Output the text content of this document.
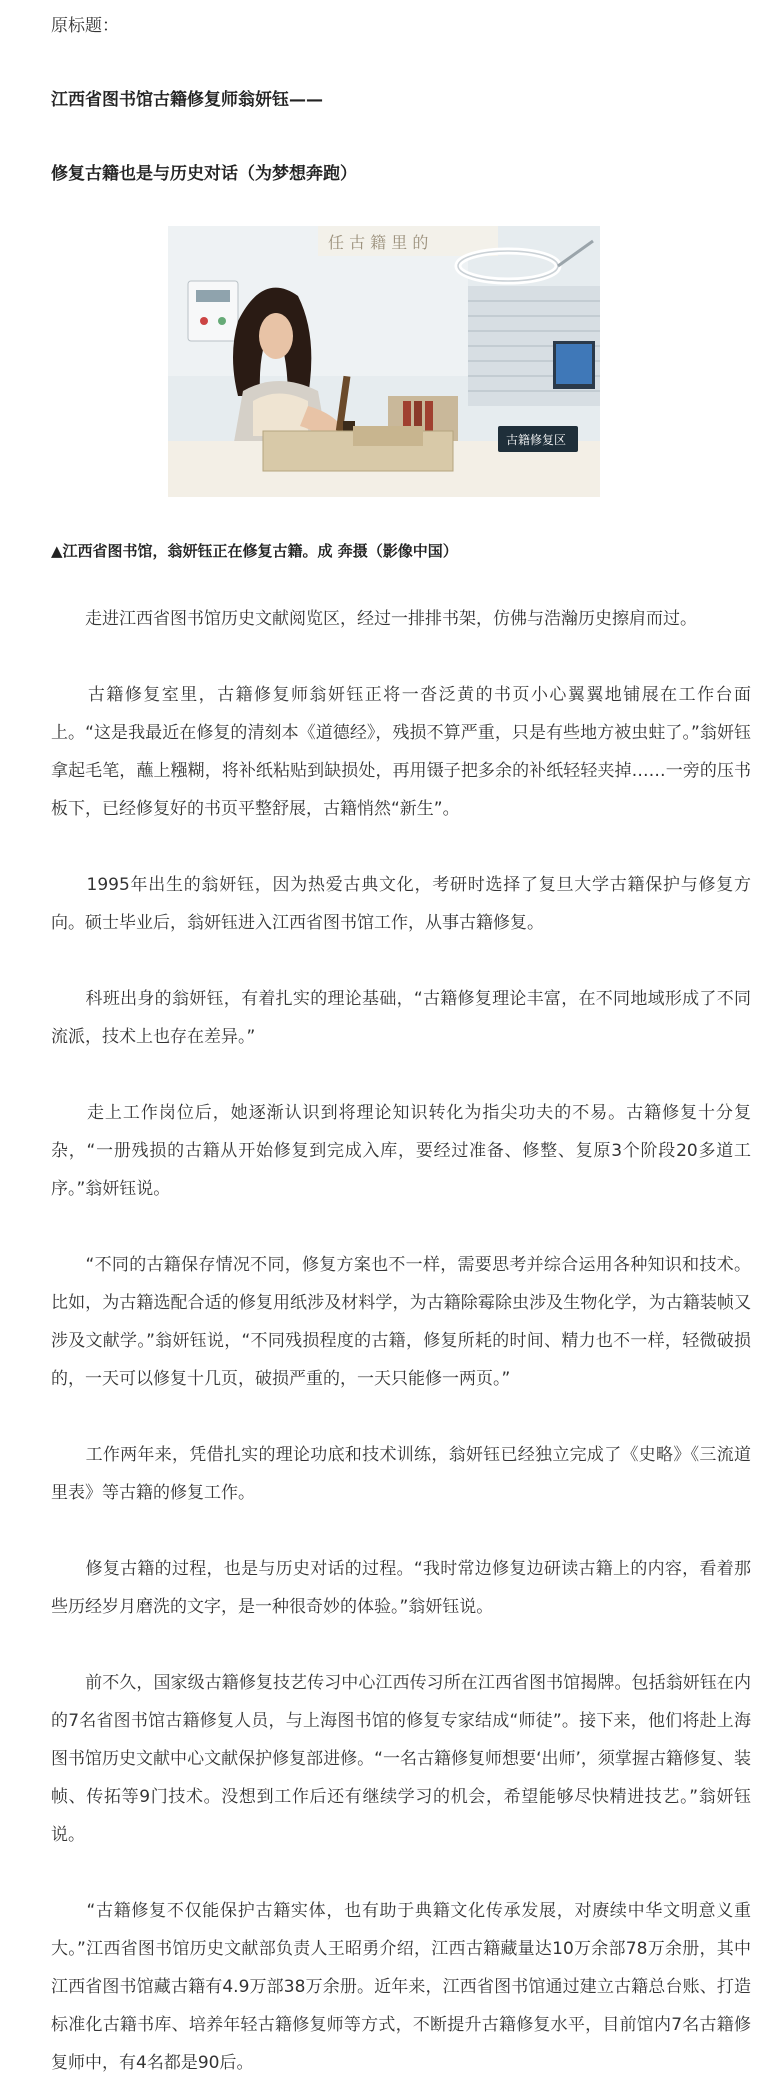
原标题：
江西省图书馆古籍修复师翁妍钰——
修复古籍也是与历史对话（为梦想奔跑）
任 古 籍 里 的
古籍修复区
▲江西省图书馆，翁妍钰正在修复古籍。成 奔摄（影像中国）

　　走进江西省图书馆历史文献阅览区，经过一排排书架，仿佛与浩瀚历史擦肩而过。

　　古籍修复室里，古籍修复师翁妍钰正将一沓泛黄的书页小心翼翼地铺展在工作台面上。“这是我最近在修复的清刻本《道德经》，残损不算严重，只是有些地方被虫蛀了。”翁妍钰拿起毛笔，蘸上糨糊，将补纸粘贴到缺损处，再用镊子把多余的补纸轻轻夹掉……一旁的压书板下，已经修复好的书页平整舒展，古籍悄然“新生”。

　　1995年出生的翁妍钰，因为热爱古典文化，考研时选择了复旦大学古籍保护与修复方向。硕士毕业后，翁妍钰进入江西省图书馆工作，从事古籍修复。

　　科班出身的翁妍钰，有着扎实的理论基础，“古籍修复理论丰富，在不同地域形成了不同流派，技术上也存在差异。”

　　走上工作岗位后，她逐渐认识到将理论知识转化为指尖功夫的不易。古籍修复十分复杂，“一册残损的古籍从开始修复到完成入库，要经过准备、修整、复原3个阶段20多道工序。”翁妍钰说。

　　“不同的古籍保存情况不同，修复方案也不一样，需要思考并综合运用各种知识和技术。比如，为古籍选配合适的修复用纸涉及材料学，为古籍除霉除虫涉及生物化学，为古籍装帧又涉及文献学。”翁妍钰说，“不同残损程度的古籍，修复所耗的时间、精力也不一样，轻微破损的，一天可以修复十几页，破损严重的，一天只能修一两页。”

　　工作两年来，凭借扎实的理论功底和技术训练，翁妍钰已经独立完成了《史略》《三流道里表》等古籍的修复工作。

　　修复古籍的过程，也是与历史对话的过程。“我时常边修复边研读古籍上的内容，看着那些历经岁月磨洗的文字，是一种很奇妙的体验。”翁妍钰说。

　　前不久，国家级古籍修复技艺传习中心江西传习所在江西省图书馆揭牌。包括翁妍钰在内的7名省图书馆古籍修复人员，与上海图书馆的修复专家结成“师徒”。接下来，他们将赴上海图书馆历史文献中心文献保护修复部进修。“一名古籍修复师想要‘出师’，须掌握古籍修复、装帧、传拓等9门技术。没想到工作后还有继续学习的机会，希望能够尽快精进技艺。”翁妍钰说。

　　“古籍修复不仅能保护古籍实体，也有助于典籍文化传承发展，对赓续中华文明意义重大。”江西省图书馆历史文献部负责人王昭勇介绍，江西古籍藏量达10万余部78万余册，其中江西省图书馆藏古籍有4.9万部38万余册。近年来，江西省图书馆通过建立古籍总台账、打造标准化古籍书库、培养年轻古籍修复师等方式，不断提升古籍修复水平，目前馆内7名古籍修复师中，有4名都是90后。
